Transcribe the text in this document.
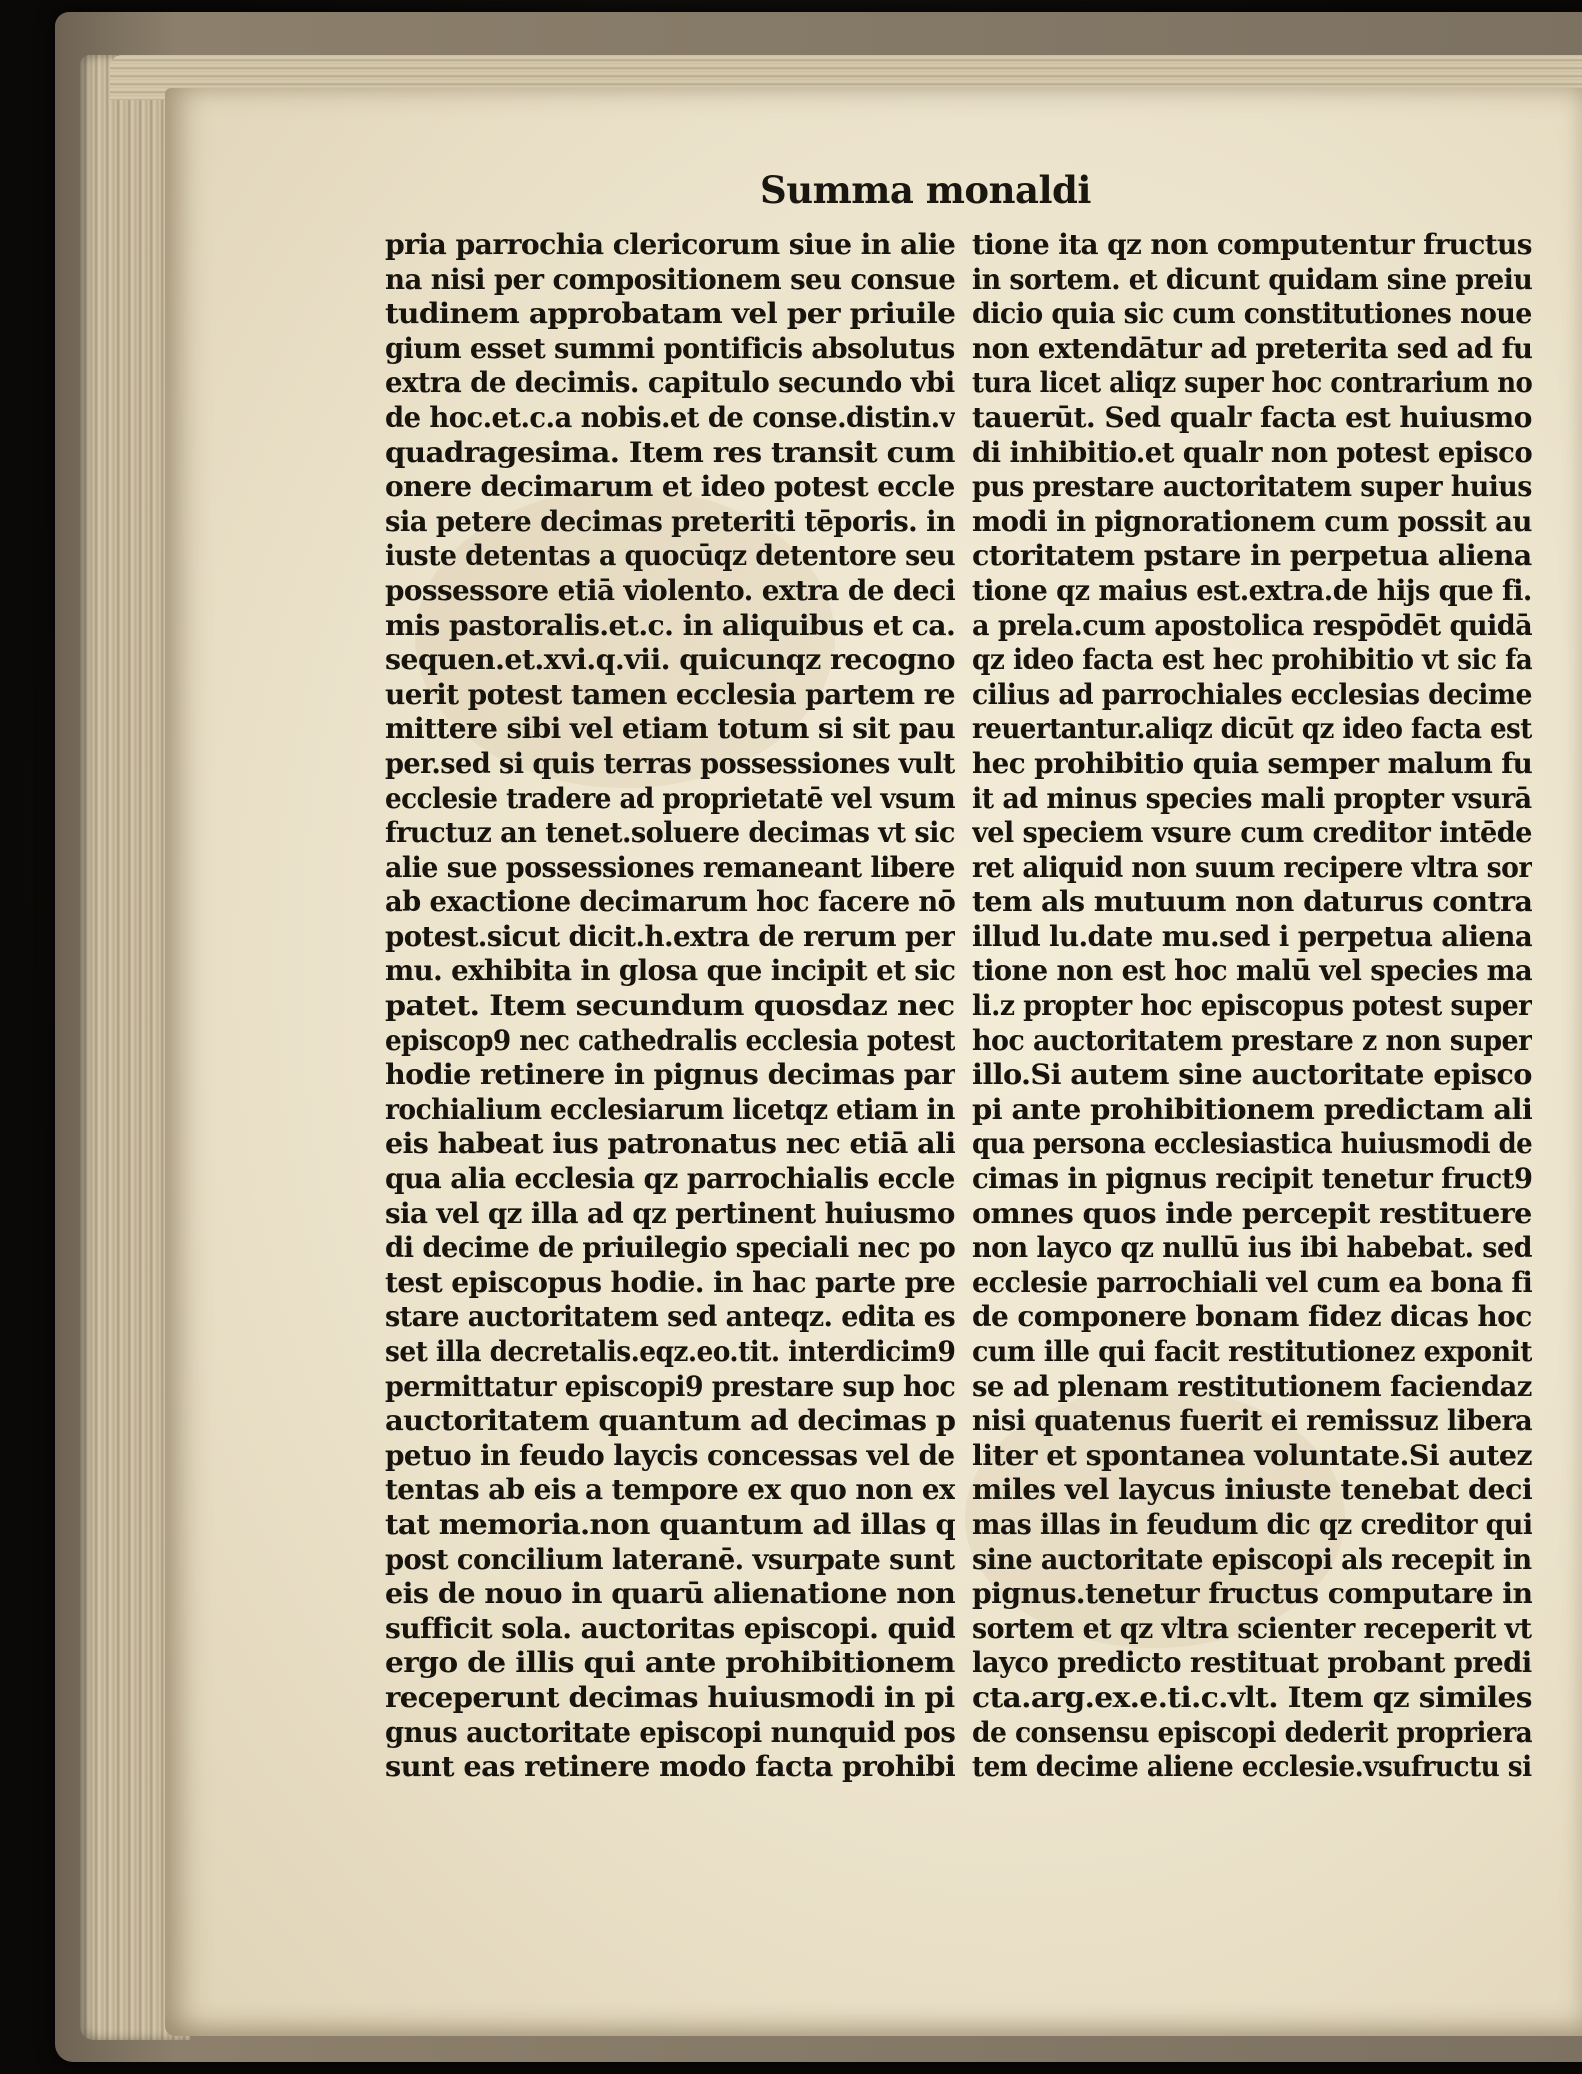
Summa monaldi
pria parrochia clericorum siue in alie
na nisi per compositionem seu consue
tudinem approbatam vel per priuile
gium esset summi pontificis absolutus
extra de decimis. capitulo secundo vbi
de hoc.et.c.a nobis.et de conse.distin.v
quadragesima. Item res transit cum
onere decimarum et ideo potest eccle
sia petere decimas preteriti tēporis. in
iuste detentas a quocūqz detentore seu
possessore etiā violento. extra de deci
mis pastoralis.et.c. in aliquibus et ca.
sequen.et.xvi.q.vii. quicunqz recogno
uerit potest tamen ecclesia partem re
mittere sibi vel etiam totum si sit pau
per.sed si quis terras possessiones vult
ecclesie tradere ad proprietatē vel vsum
fructuz an tenet.soluere decimas vt sic
alie sue possessiones remaneant libere
ab exactione decimarum hoc facere nō
potest.sicut dicit.h.extra de rerum per
mu. exhibita in glosa que incipit et sic
patet. Item secundum quosdaz nec
episcop9 nec cathedralis ecclesia potest
hodie retinere in pignus decimas par
rochialium ecclesiarum licetqz etiam in
eis habeat ius patronatus nec etiā ali
qua alia ecclesia qz parrochialis eccle
sia vel qz illa ad qz pertinent huiusmo
di decime de priuilegio speciali nec po
test episcopus hodie. in hac parte pre
stare auctoritatem sed anteqz. edita es
set illa decretalis.eqz.eo.tit. interdicim9
permittatur episcopi9 prestare sup hoc
auctoritatem quantum ad decimas p
petuo in feudo laycis concessas vel de
tentas ab eis a tempore ex quo non ex
tat memoria.non quantum ad illas q
post concilium lateranē. vsurpate sunt
eis de nouo in quarū alienatione non
sufficit sola. auctoritas episcopi. quid
ergo de illis qui ante prohibitionem
receperunt decimas huiusmodi in pi
gnus auctoritate episcopi nunquid pos
sunt eas retinere modo facta prohibi
tione ita qz non computentur fructus
in sortem. et dicunt quidam sine preiu
dicio quia sic cum constitutiones noue
non extendātur ad preterita sed ad fu
tura licet aliqz super hoc contrarium no
tauerūt. Sed qualr facta est huiusmo
di inhibitio.et qualr non potest episco
pus prestare auctoritatem super huius
modi in pignorationem cum possit au
ctoritatem pstare in perpetua aliena
tione qz maius est.extra.de hijs que fi.
a prela.cum apostolica respōdēt quidā
qz ideo facta est hec prohibitio vt sic fa
cilius ad parrochiales ecclesias decime
reuertantur.aliqz dicūt qz ideo facta est
hec prohibitio quia semper malum fu
it ad minus species mali propter vsurā
vel speciem vsure cum creditor intēde
ret aliquid non suum recipere vltra sor
tem als mutuum non daturus contra
illud lu.date mu.sed i perpetua aliena
tione non est hoc malū vel species ma
li.z propter hoc episcopus potest super
hoc auctoritatem prestare z non super
illo.Si autem sine auctoritate episco
pi ante prohibitionem predictam ali
qua persona ecclesiastica huiusmodi de
cimas in pignus recipit tenetur fruct9
omnes quos inde percepit restituere
non layco qz nullū ius ibi habebat. sed
ecclesie parrochiali vel cum ea bona fi
de componere bonam fidez dicas hoc
cum ille qui facit restitutionez exponit
se ad plenam restitutionem faciendaz
nisi quatenus fuerit ei remissuz libera
liter et spontanea voluntate.Si autez
miles vel laycus iniuste tenebat deci
mas illas in feudum dic qz creditor qui
sine auctoritate episcopi als recepit in
pignus.tenetur fructus computare in
sortem et qz vltra scienter receperit vt
layco predicto restituat probant predi
cta.arg.ex.e.ti.c.vlt. Item qz similes
de consensu episcopi dederit propriera
tem decime aliene ecclesie.vsufructu si
